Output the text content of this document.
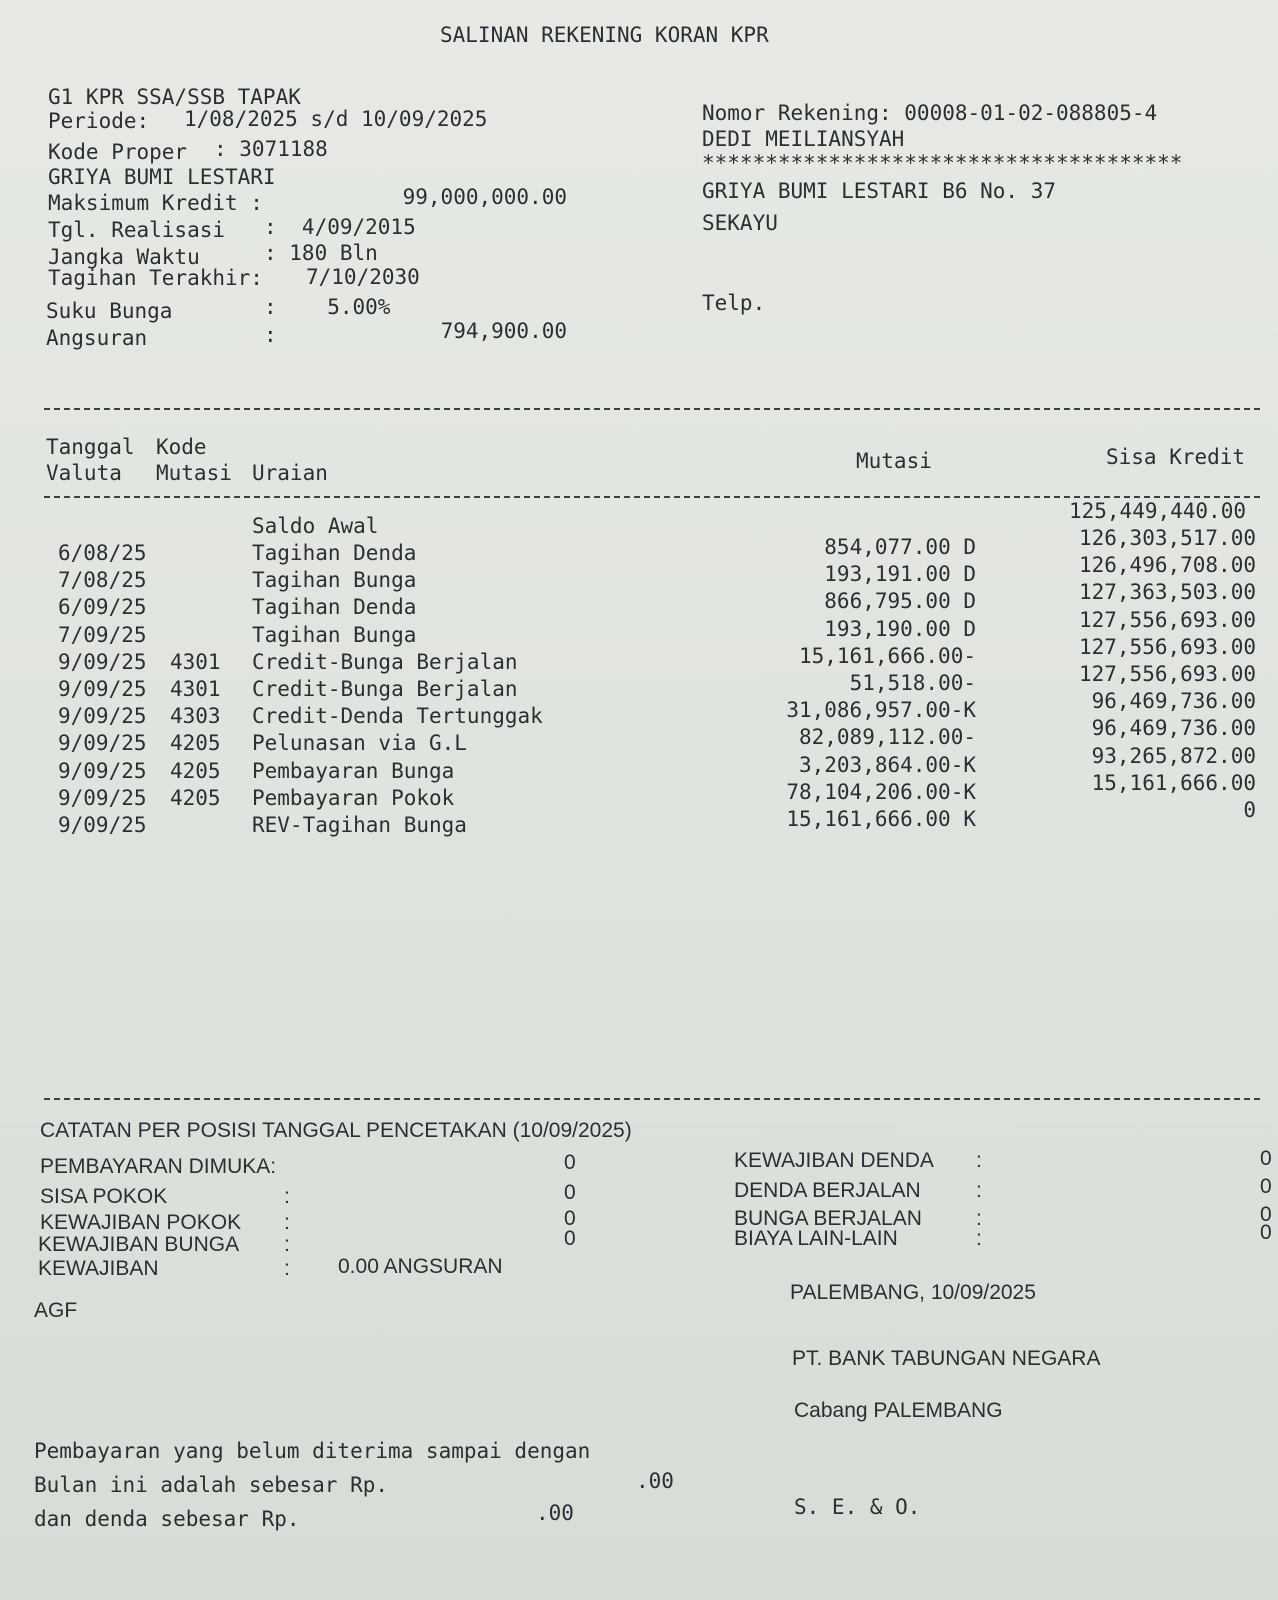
SALINAN REKENING KORAN KPR
G1 KPR SSA/SSB TAPAK
Periode: 1/08/2025 s/d 10/09/2025
Kode Proper : 3071188
GRIYA BUMI LESTARI
Maksimum Kredit :	99,000,000.00
Tgl. Realisasi :  4/09/2015
Jangka Waktu	: 180 Bln
Tagihan Terakhir: 7/10/2030
Suku Bunga	:    5.00%
Angsuran	:	794,900.00
Nomor Rekening: 00008-01-02-088805-4
DEDI MEILIANSYAH
**************************************
GRIYA BUMI LESTARI B6 No. 37
SEKAYU
Telp.
Tanggal Kode
Valuta Mutasi Uraian	Mutasi	Sisa Kredit
Saldo Awal
125,449,440.00
6/08/25	Tagihan Denda	854,077.00 D	126,303,517.00
7/08/25	Tagihan Bunga	193,191.00 D	126,496,708.00
6/09/25	Tagihan Denda	866,795.00 D	127,363,503.00
7/09/25	Tagihan Bunga	193,190.00 D	127,556,693.00
9/09/25 4301 Credit-Bunga Berjalan	15,161,666.00-	127,556,693.00
9/09/25 4301 Credit-Bunga Berjalan	51,518.00-	127,556,693.00
9/09/25 4303 Credit-Denda Tertunggak	31,086,957.00-K	96,469,736.00
9/09/25 4205 Pelunasan via G.L	82,089,112.00-	96,469,736.00
9/09/25 4205 Pembayaran Bunga	3,203,864.00-K	93,265,872.00
9/09/25 4205 Pembayaran Pokok	78,104,206.00-K	15,161,666.00
9/09/25	REV-Tagihan Bunga	15,161,666.00 K	0
CATATAN PER POSISI TANGGAL PENCETAKAN (10/09/2025)
PEMBAYARAN DIMUKA:	0
SISA POKOK	:	0
KEWAJIBAN POKOK :	0
KEWAJIBAN BUNGA :	0
KEWAJIBAN	: 0.00 ANGSURAN
KEWAJIBAN DENDA :	0
DENDA BERJALAN	:	0
BUNGA BERJALAN	:	0
BIAYA LAIN-LAIN	:	0
AGF
PALEMBANG, 10/09/2025
PT. BANK TABUNGAN NEGARA
Cabang PALEMBANG
Pembayaran yang belum diterima sampai dengan
Bulan ini adalah sebesar Rp.	.00
dan denda sebesar Rp.	.00	S. E. & O.
